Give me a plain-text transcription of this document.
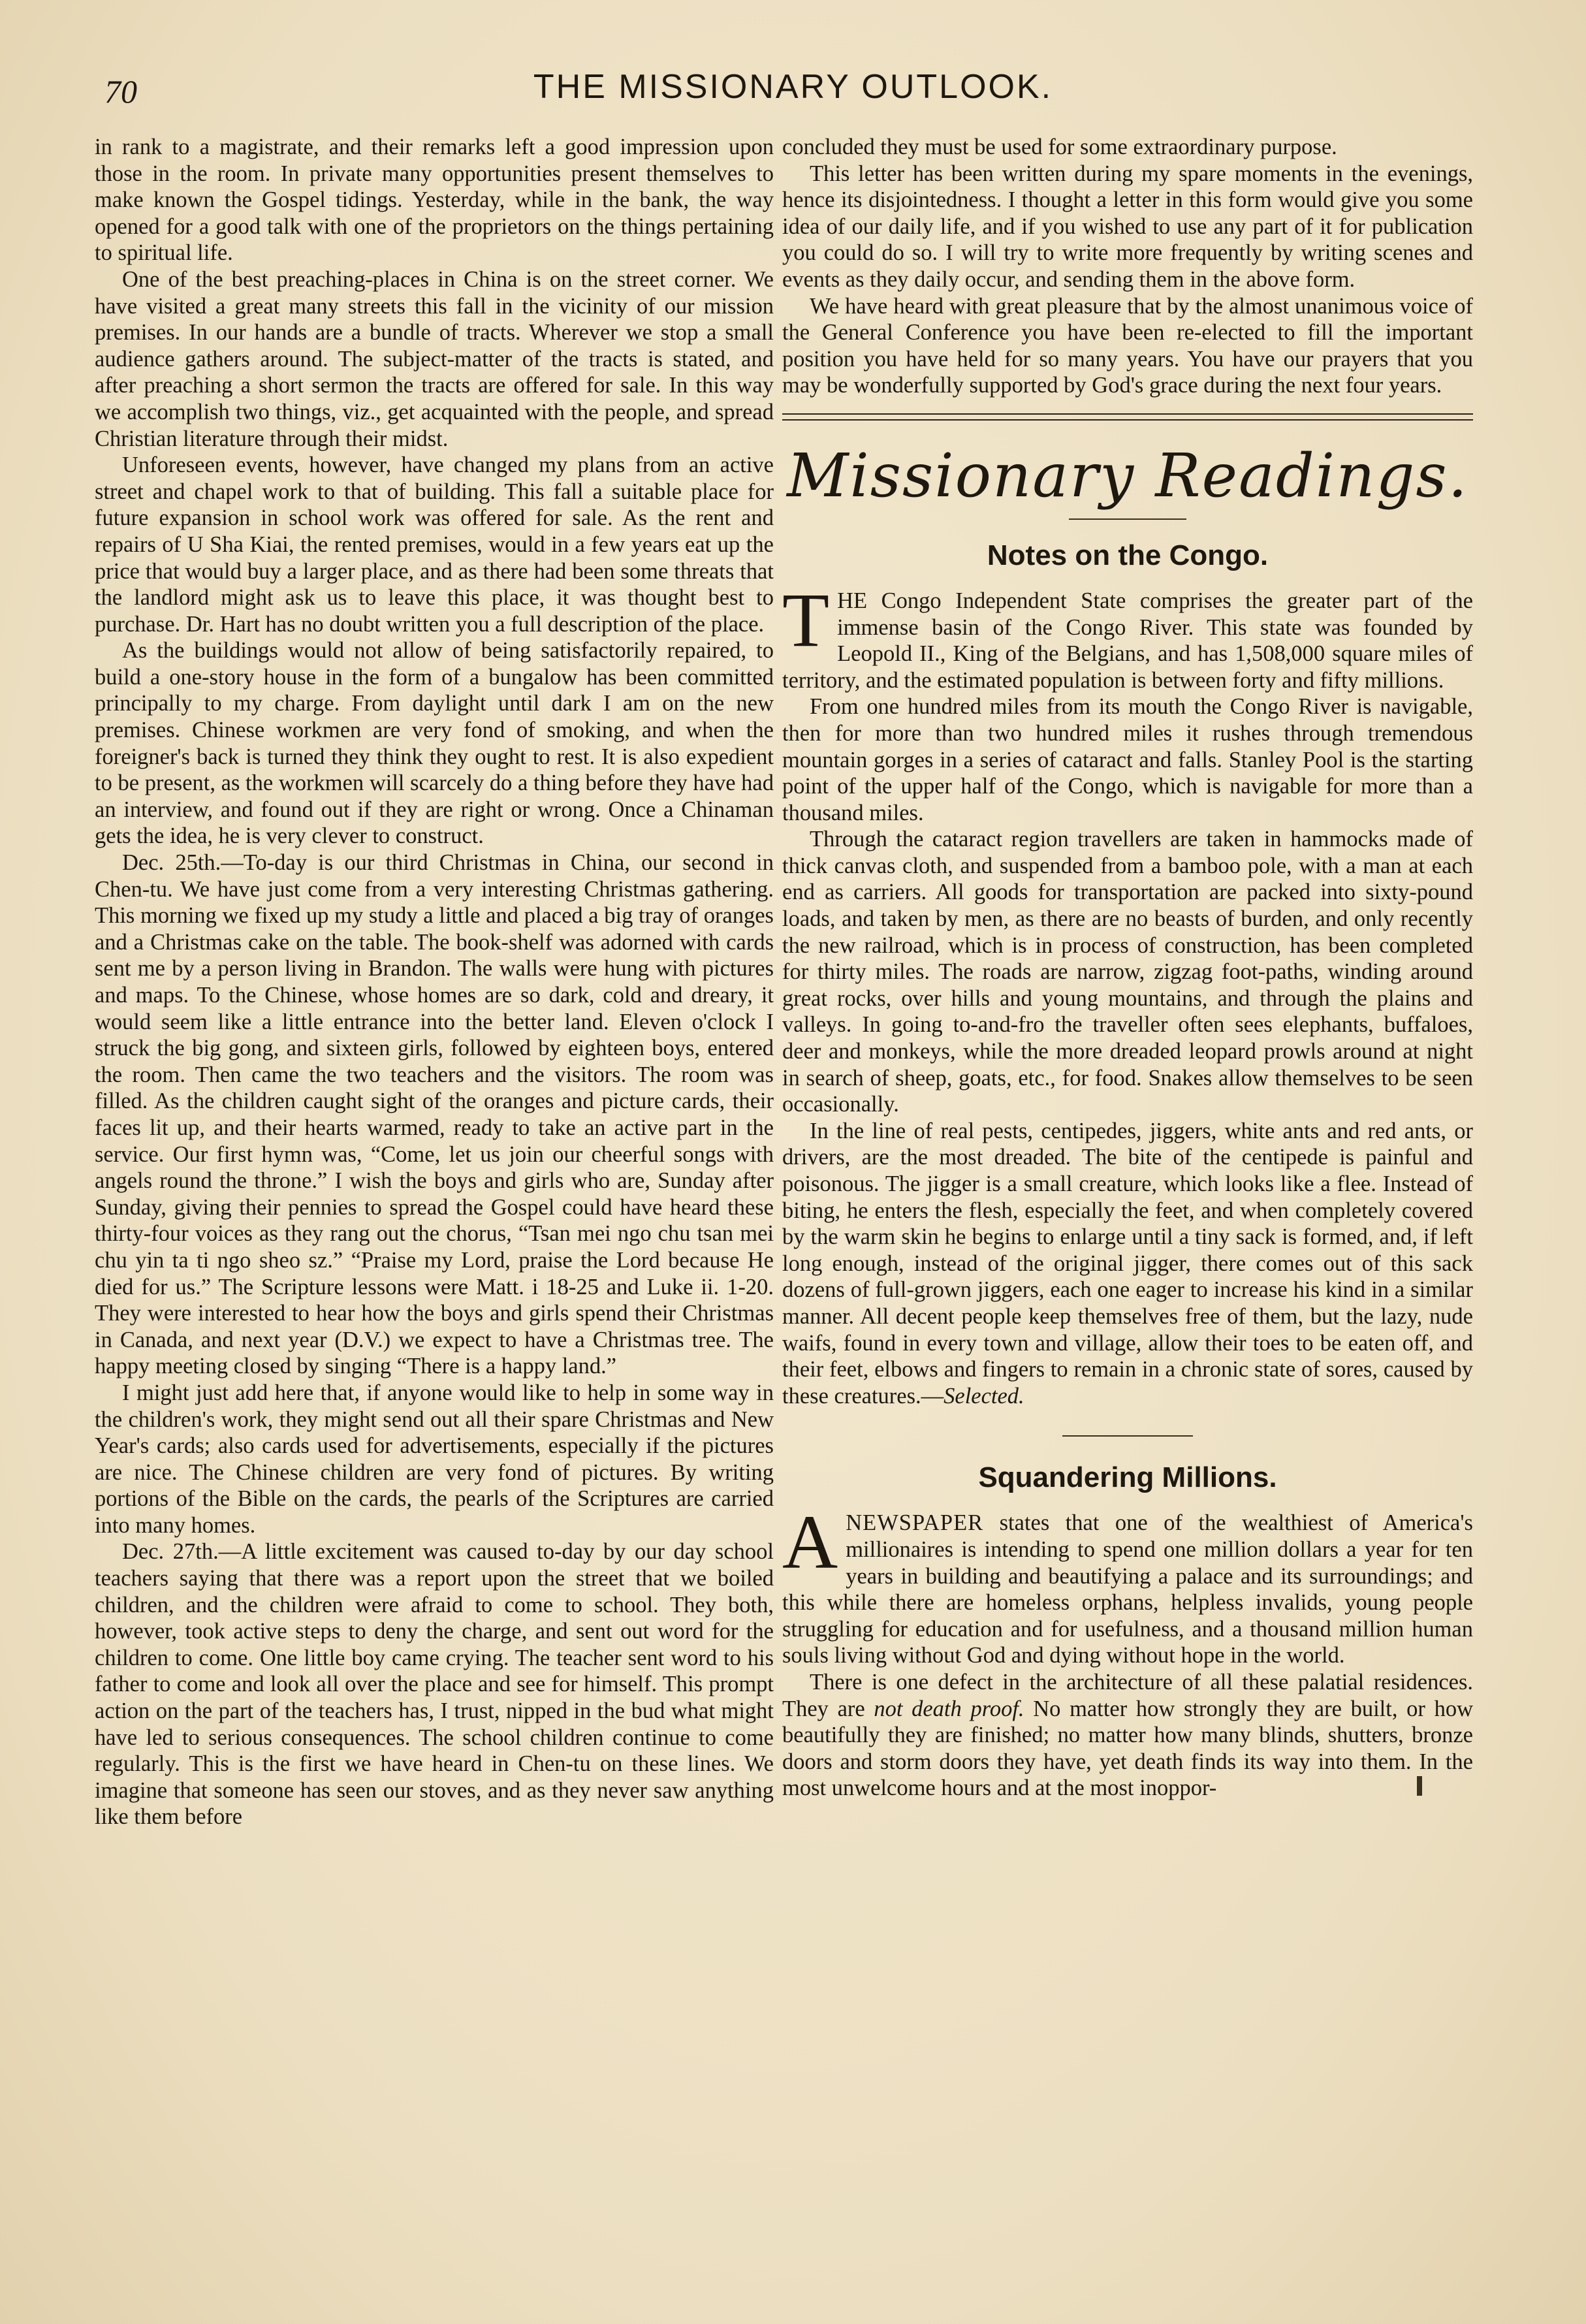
70	THE MISSIONARY OUTLOOK.

in rank to a magistrate, and their remarks left a good impression upon those in the room. In private many opportunities present themselves to make known the Gospel tidings. Yesterday, while in the bank, the way opened for a good talk with one of the proprietors on the things pertaining to spiritual life.

One of the best preaching-places in China is on the street corner. We have visited a great many streets this fall in the vicinity of our mission premises. In our hands are a bundle of tracts. Wherever we stop a small audience gathers around. The subject-matter of the tracts is stated, and after preaching a short sermon the tracts are offered for sale. In this way we accomplish two things, viz., get acquainted with the people, and spread Christian literature through their midst.

Unforeseen events, however, have changed my plans from an active street and chapel work to that of building. This fall a suitable place for future expansion in school work was offered for sale. As the rent and repairs of U Sha Kiai, the rented premises, would in a few years eat up the price that would buy a larger place, and as there had been some threats that the landlord might ask us to leave this place, it was thought best to purchase. Dr. Hart has no doubt written you a full description of the place.

As the buildings would not allow of being satisfactorily repaired, to build a one-story house in the form of a bungalow has been committed principally to my charge. From daylight until dark I am on the new premises. Chinese workmen are very fond of smoking, and when the foreigner's back is turned they think they ought to rest. It is also expedient to be present, as the workmen will scarcely do a thing before they have had an interview, and found out if they are right or wrong. Once a Chinaman gets the idea, he is very clever to construct.

Dec. 25th.—To-day is our third Christmas in China, our second in Chen-tu. We have just come from a very interesting Christmas gathering. This morning we fixed up my study a little and placed a big tray of oranges and a Christmas cake on the table. The book-shelf was adorned with cards sent me by a person living in Brandon. The walls were hung with pictures and maps. To the Chinese, whose homes are so dark, cold and dreary, it would seem like a little entrance into the better land. Eleven o'clock I struck the big gong, and sixteen girls, followed by eighteen boys, entered the room. Then came the two teachers and the visitors. The room was filled. As the children caught sight of the oranges and picture cards, their faces lit up, and their hearts warmed, ready to take an active part in the service. Our first hymn was, “Come, let us join our cheerful songs with angels round the throne.” I wish the boys and girls who are, Sunday after Sunday, giving their pennies to spread the Gospel could have heard these thirty-four voices as they rang out the chorus, “Tsan mei ngo chu tsan mei chu yin ta ti ngo sheo sz.” “Praise my Lord, praise the Lord because He died for us.” The Scripture lessons were Matt. i 18-25 and Luke ii. 1-20. They were interested to hear how the boys and girls spend their Christmas in Canada, and next year (D.V.) we expect to have a Christmas tree. The happy meeting closed by singing “There is a happy land.”

I might just add here that, if anyone would like to help in some way in the children's work, they might send out all their spare Christmas and New Year's cards; also cards used for advertisements, especially if the pictures are nice. The Chinese children are very fond of pictures. By writing portions of the Bible on the cards, the pearls of the Scriptures are carried into many homes.

Dec. 27th.—A little excitement was caused to-day by our day school teachers saying that there was a report upon the street that we boiled children, and the children were afraid to come to school. They both, however, took active steps to deny the charge, and sent out word for the children to come. One little boy came crying. The teacher sent word to his father to come and look all over the place and see for himself. This prompt action on the part of the teachers has, I trust, nipped in the bud what might have led to serious consequences. The school children continue to come regularly. This is the first we have heard in Chen-tu on these lines. We imagine that someone has seen our stoves, and as they never saw anything like them before

concluded they must be used for some extraordinary purpose.

This letter has been written during my spare moments in the evenings, hence its disjointedness. I thought a letter in this form would give you some idea of our daily life, and if you wished to use any part of it for publication you could do so. I will try to write more frequently by writing scenes and events as they daily occur, and sending them in the above form.

We have heard with great pleasure that by the almost unanimous voice of the General Conference you have been re-elected to fill the important position you have held for so many years. You have our prayers that you may be wonderfully supported by God's grace during the next four years.

Missionary Readings.
Notes on the Congo.

THE Congo Independent State comprises the greater part of the immense basin of the Congo River. This state was founded by Leopold II., King of the Belgians, and has 1,508,000 square miles of territory, and the estimated population is between forty and fifty millions.

From one hundred miles from its mouth the Congo River is navigable, then for more than two hundred miles it rushes through tremendous mountain gorges in a series of cataract and falls. Stanley Pool is the starting point of the upper half of the Congo, which is navigable for more than a thousand miles.

Through the cataract region travellers are taken in hammocks made of thick canvas cloth, and suspended from a bamboo pole, with a man at each end as carriers. All goods for transportation are packed into sixty-pound loads, and taken by men, as there are no beasts of burden, and only recently the new railroad, which is in process of construction, has been completed for thirty miles. The roads are narrow, zigzag foot-paths, winding around great rocks, over hills and young mountains, and through the plains and valleys. In going to-and-fro the traveller often sees elephants, buffaloes, deer and monkeys, while the more dreaded leopard prowls around at night in search of sheep, goats, etc., for food. Snakes allow themselves to be seen occasionally.

In the line of real pests, centipedes, jiggers, white ants and red ants, or drivers, are the most dreaded. The bite of the centipede is painful and poisonous. The jigger is a small creature, which looks like a flee. Instead of biting, he enters the flesh, especially the feet, and when completely covered by the warm skin he begins to enlarge until a tiny sack is formed, and, if left long enough, instead of the original jigger, there comes out of this sack dozens of full-grown jiggers, each one eager to increase his kind in a similar manner. All decent people keep themselves free of them, but the lazy, nude waifs, found in every town and village, allow their toes to be eaten off, and their feet, elbows and fingers to remain in a chronic state of sores, caused by these creatures.—Selected.

Squandering Millions.

ANEWSPAPER states that one of the wealthiest of America's millionaires is intending to spend one million dollars a year for ten years in building and beautifying a palace and its surroundings; and this while there are homeless orphans, helpless invalids, young people struggling for education and for usefulness, and a thousand million human souls living without God and dying without hope in the world.

There is one defect in the architecture of all these palatial residences. They are not death proof. No matter how strongly they are built, or how beautifully they are finished; no matter how many blinds, shutters, bronze doors and storm doors they have, yet death finds its way into them. In the most unwelcome hours and at the most inoppor-
